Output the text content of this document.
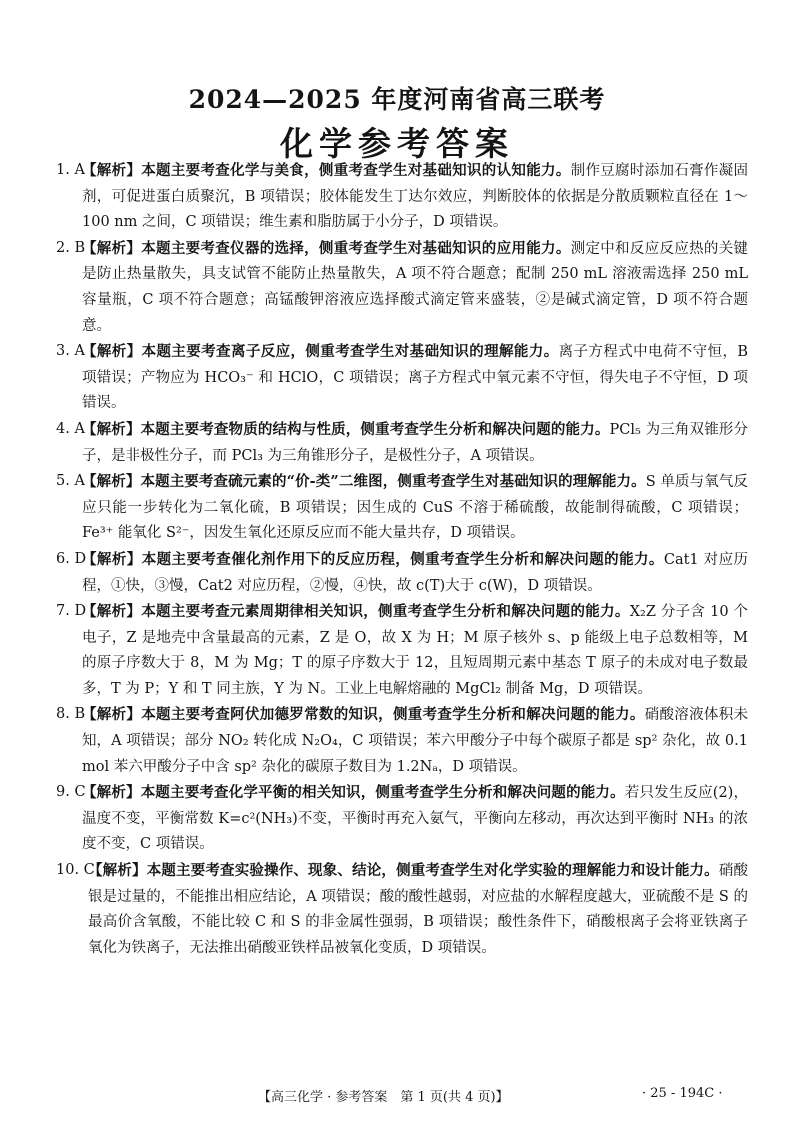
2024—2025 年度河南省高三联考
化学参考答案
1. A
【解析】本题主要考查化学与美食，侧重考查学生对基础知识的认知能力。制作豆腐时添加石膏作凝固剂，可促进蛋白质聚沉，B 项错误；胶体能发生丁达尔效应，判断胶体的依据是分散质颗粒直径在 1～100 nm 之间，C 项错误；维生素和脂肪属于小分子，D 项错误。
2. B
【解析】本题主要考查仪器的选择，侧重考查学生对基础知识的应用能力。测定中和反应反应热的关键是防止热量散失，具支试管不能防止热量散失，A 项不符合题意；配制 250 mL 溶液需选择 250 mL 容量瓶，C 项不符合题意；高锰酸钾溶液应选择酸式滴定管来盛装，②是碱式滴定管，D 项不符合题意。
3. A
【解析】本题主要考查离子反应，侧重考查学生对基础知识的理解能力。离子方程式中电荷不守恒，B 项错误；产物应为 HCO₃⁻ 和 HClO，C 项错误；离子方程式中氧元素不守恒，得失电子不守恒，D 项错误。
4. A
【解析】本题主要考查物质的结构与性质，侧重考查学生分析和解决问题的能力。PCl₅ 为三角双锥形分子，是非极性分子，而 PCl₃ 为三角锥形分子，是极性分子，A 项错误。
5. A
【解析】本题主要考查硫元素的“价-类”二维图，侧重考查学生对基础知识的理解能力。S 单质与氧气反应只能一步转化为二氧化硫，B 项错误；因生成的 CuS 不溶于稀硫酸，故能制得硫酸，C 项错误；Fe³⁺ 能氧化 S²⁻，因发生氧化还原反应而不能大量共存，D 项错误。
6. D
【解析】本题主要考查催化剂作用下的反应历程，侧重考查学生分析和解决问题的能力。Cat1 对应历程，①快，③慢，Cat2 对应历程，②慢，④快，故 c(T)大于 c(W)，D 项错误。
7. D
【解析】本题主要考查元素周期律相关知识，侧重考查学生分析和解决问题的能力。X₂Z 分子含 10 个电子，Z 是地壳中含量最高的元素，Z 是 O，故 X 为 H；M 原子核外 s、p 能级上电子总数相等，M 的原子序数大于 8，M 为 Mg；T 的原子序数大于 12，且短周期元素中基态 T 原子的未成对电子数最多，T 为 P；Y 和 T 同主族，Y 为 N。工业上电解熔融的 MgCl₂ 制备 Mg，D 项错误。
8. B
【解析】本题主要考查阿伏加德罗常数的知识，侧重考查学生分析和解决问题的能力。硝酸溶液体积未知，A 项错误；部分 NO₂ 转化成 N₂O₄，C 项错误；苯六甲酸分子中每个碳原子都是 sp² 杂化，故 0.1 mol 苯六甲酸分子中含 sp² 杂化的碳原子数目为 1.2Nₐ，D 项错误。
9. C
【解析】本题主要考查化学平衡的相关知识，侧重考查学生分析和解决问题的能力。若只发生反应(2)，温度不变，平衡常数 K=c²(NH₃)不变，平衡时再充入氨气，平衡向左移动，再次达到平衡时 NH₃ 的浓度不变，C 项错误。
10. C
【解析】本题主要考查实验操作、现象、结论，侧重考查学生对化学实验的理解能力和设计能力。硝酸银是过量的，不能推出相应结论，A 项错误；酸的酸性越弱，对应盐的水解程度越大，亚硫酸不是 S 的最高价含氧酸，不能比较 C 和 S 的非金属性强弱，B 项错误；酸性条件下，硝酸根离子会将亚铁离子氧化为铁离子，无法推出硝酸亚铁样品被氧化变质，D 项错误。
【高三化学 · 参考答案　第 1 页(共 4 页)】	· 25 - 194C ·
